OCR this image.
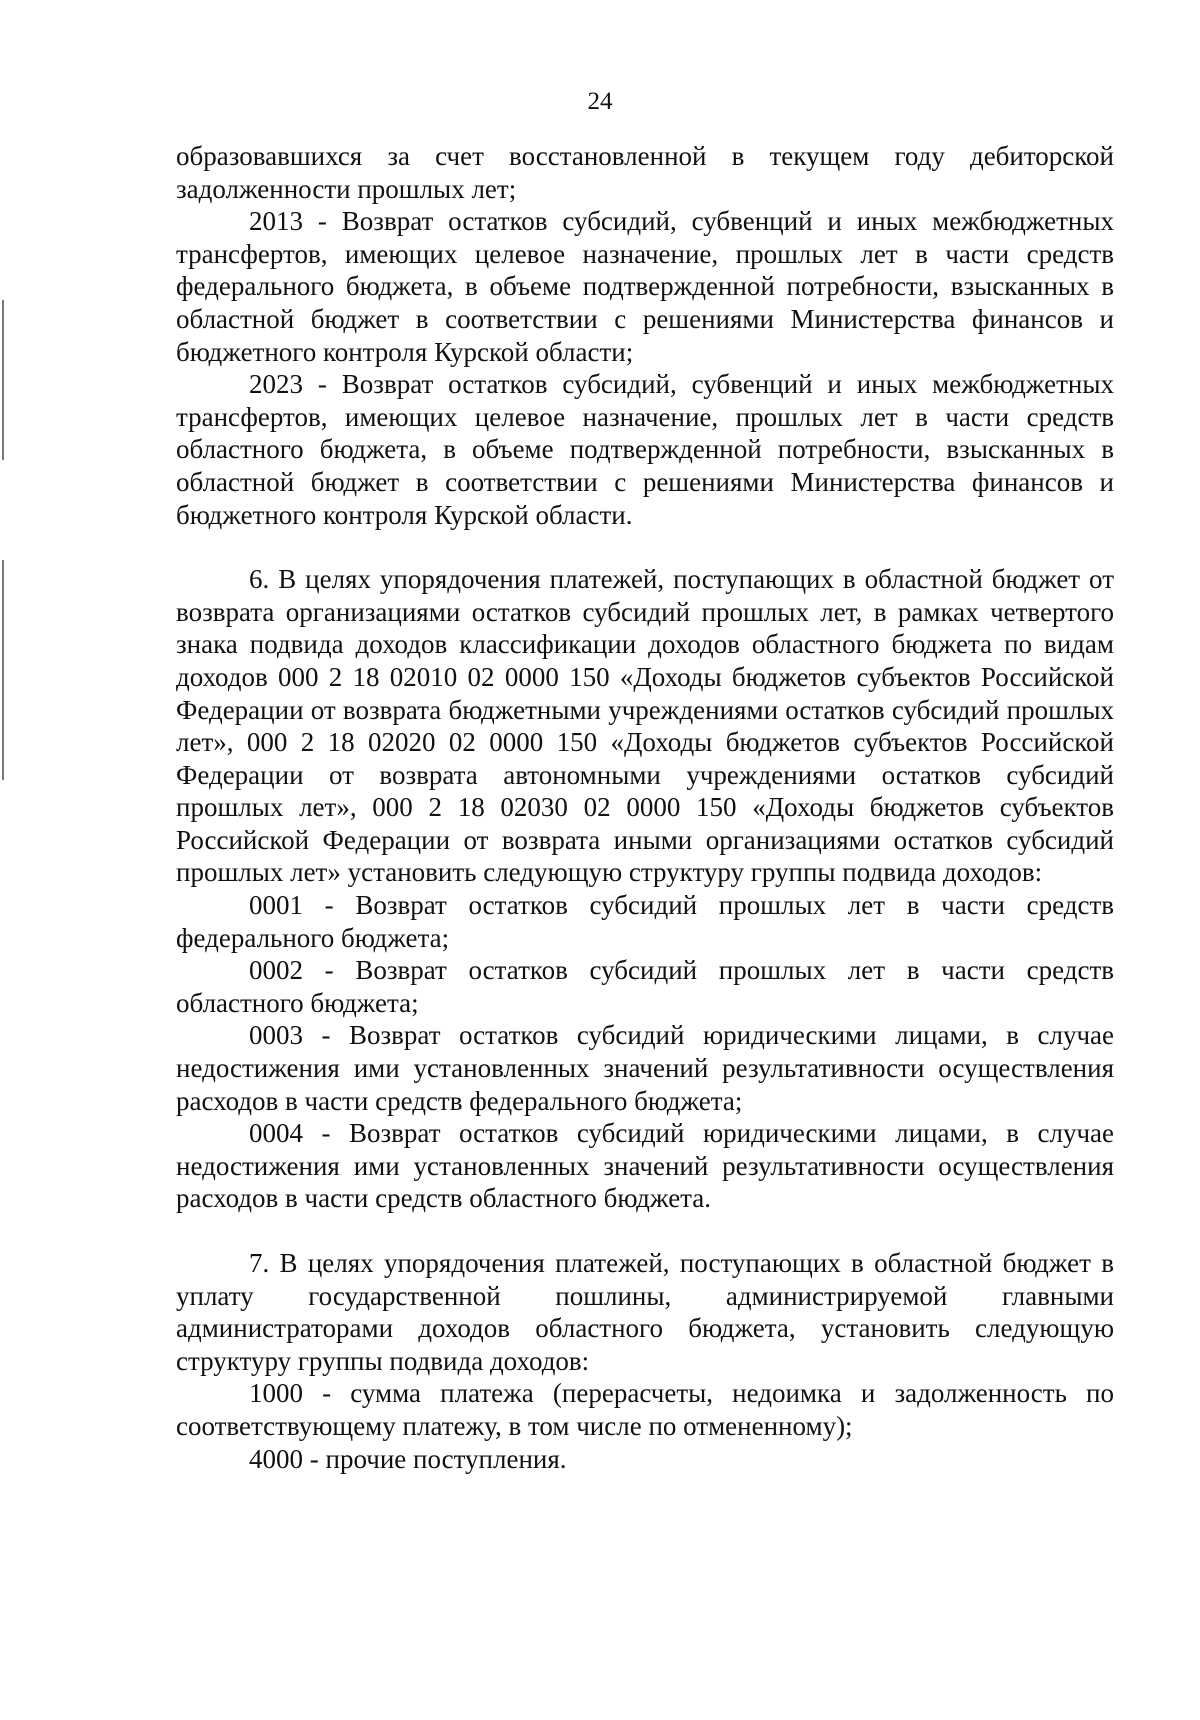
24

образовавшихся за счет восстановленной в текущем году дебиторской задолженности прошлых лет;

2013 - Возврат остатков субсидий, субвенций и иных межбюджетных трансфертов, имеющих целевое назначение, прошлых лет в части средств федерального бюджета, в объеме подтвержденной потребности, взысканных в областной бюджет в соответствии с решениями Министерства финансов и бюджетного контроля Курской области;

2023 - Возврат остатков субсидий, субвенций и иных межбюджетных трансфертов, имеющих целевое назначение, прошлых лет в части средств областного бюджета, в объеме подтвержденной потребности, взысканных в областной бюджет в соответствии с решениями Министерства финансов и бюджетного контроля Курской области.

6. В целях упорядочения платежей, поступающих в областной бюджет от возврата организациями остатков субсидий прошлых лет, в рамках четвертого знака подвида доходов классификации доходов областного бюджета по видам доходов 000 2 18 02010 02 0000 150 «Доходы бюджетов субъектов Российской Федерации от возврата бюджетными учреждениями остатков субсидий прошлых лет», 000 2 18 02020 02 0000 150 «Доходы бюджетов субъектов Российской Федерации от возврата автономными учреждениями остатков субсидий прошлых лет», 000 2 18 02030 02 0000 150 «Доходы бюджетов субъектов Российской Федерации от возврата иными организациями остатков субсидий прошлых лет» установить следующую структуру группы подвида доходов:

0001 - Возврат остатков субсидий прошлых лет в части средств федерального бюджета;

0002 - Возврат остатков субсидий прошлых лет в части средств областного бюджета;

0003 - Возврат остатков субсидий юридическими лицами, в случае недостижения ими установленных значений результативности осуществления расходов в части средств федерального бюджета;

0004 - Возврат остатков субсидий юридическими лицами, в случае недостижения ими установленных значений результативности осуществления расходов в части средств областного бюджета.

7. В целях упорядочения платежей, поступающих в областной бюджет в уплату государственной пошлины, администрируемой главными администраторами доходов областного бюджета, установить следующую структуру группы подвида доходов:

1000 - сумма платежа (перерасчеты, недоимка и задолженность по соответствующему платежу, в том числе по отмененному);

4000 - прочие поступления.
